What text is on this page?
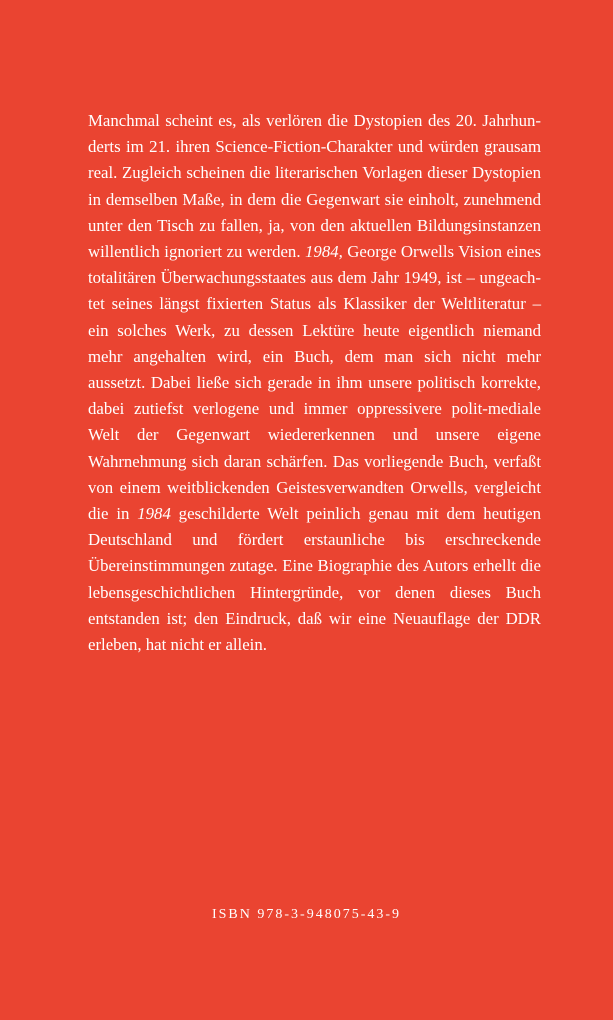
Manchmal scheint es, als verlören die Dystopien des 20. Jahrhunderts im 21. ihren Science-Fiction-Charakter und würden grausam real. Zugleich scheinen die literarischen Vorlagen dieser Dystopien in demselben Maße, in dem die Gegenwart sie einholt, zunehmend unter den Tisch zu fallen, ja, von den aktuellen Bildungsinstanzen willentlich ignoriert zu werden. 1984, George Orwells Vision eines totalitären Überwachungsstaates aus dem Jahr 1949, ist – ungeachtet seines längst fixierten Status als Klassiker der Weltliteratur – ein solches Werk, zu dessen Lektüre heute eigentlich niemand mehr angehalten wird, ein Buch, dem man sich nicht mehr aussetzt. Dabei ließe sich gerade in ihm unsere politisch korrekte, dabei zutiefst verlogene und immer oppressivere polit-mediale Welt der Gegenwart wiedererkennen und unsere eigene Wahrnehmung sich daran schärfen. Das vorliegende Buch, verfaßt von einem weitblickenden Geistesverwandten Orwells, vergleicht die in 1984 geschilderte Welt peinlich genau mit dem heutigen Deutschland und fördert erstaunliche bis erschreckende Übereinstimmungen zutage. Eine Biographie des Autors erhellt die lebensgeschichtlichen Hintergründe, vor denen dieses Buch entstanden ist; den Eindruck, daß wir eine Neuauflage der DDR erleben, hat nicht er allein.

ISBN 978-3-948075-43-9
